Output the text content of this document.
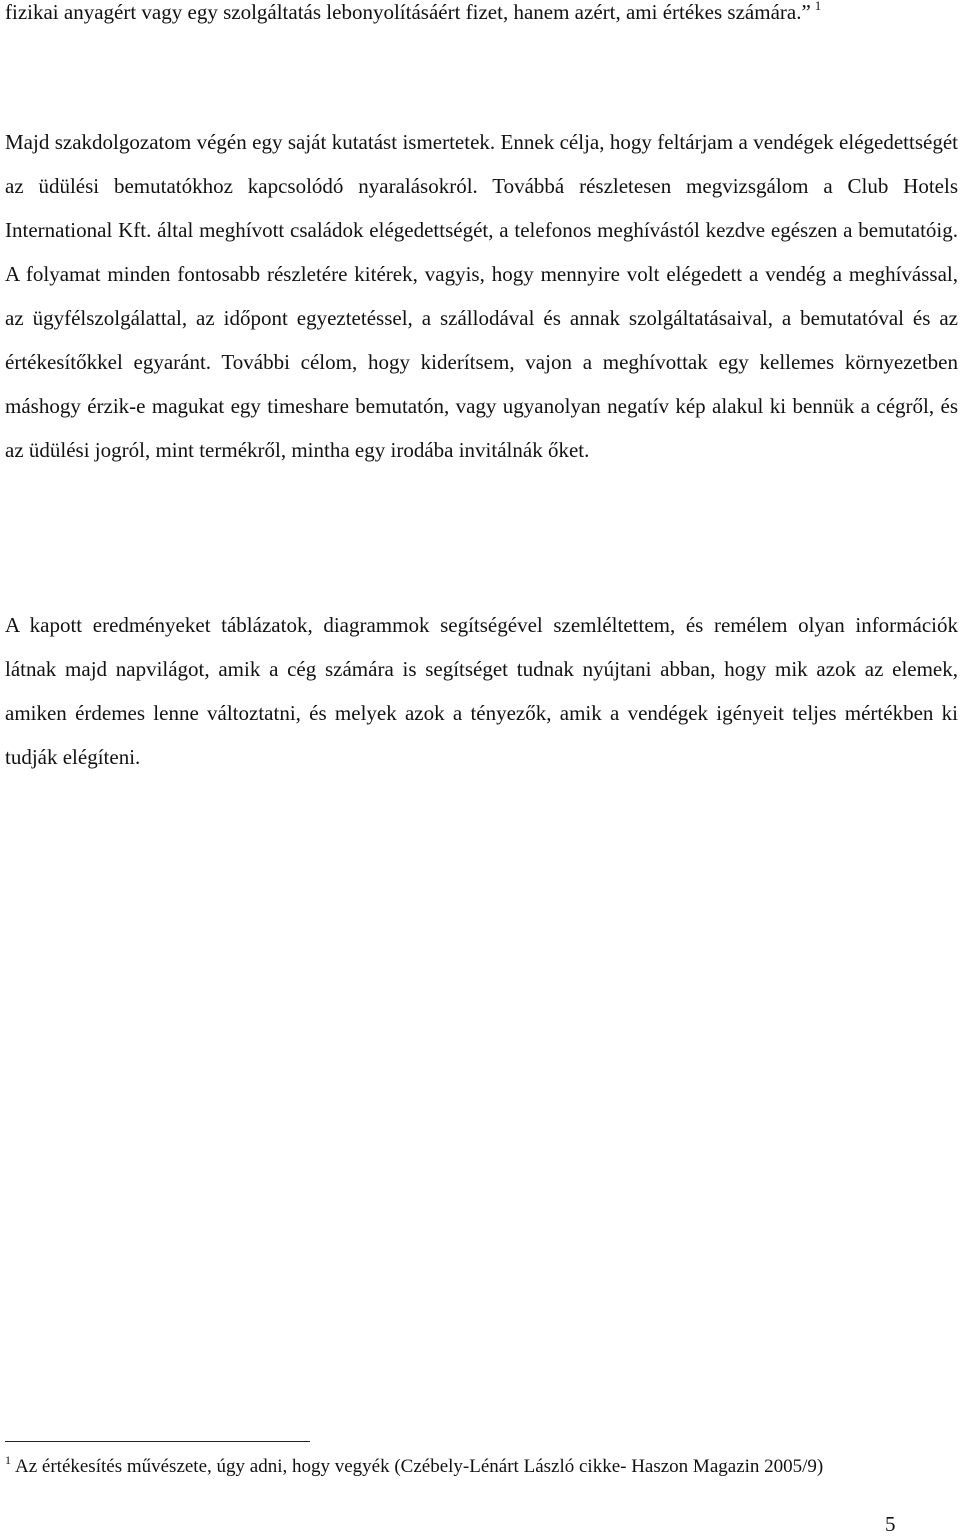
fizikai anyagért vagy egy szolgáltatás lebonyolításáért fizet, hanem azért, ami értékes számára.” $^1$

Majd szakdolgozatom végén egy saját kutatást ismertetek. Ennek célja, hogy feltárjam a vendégek elégedettségét az üdülési bemutatókhoz kapcsolódó nyaralásokról. Továbbá részletesen megvizsgálom a Club Hotels International Kft. által meghívott családok elégedettségét, a telefonos meghívástól kezdve egészen a bemutatóig. A folyamat minden fontosabb részletére kitérek, vagyis, hogy mennyire volt elégedett a vendég a meghívással, az ügyfélszolgálattal, az időpont egyeztetéssel, a szállodával és annak szolgáltatásaival, a bemutatóval és az értékesítőkkel egyaránt. További célom, hogy kiderítsem, vajon a meghívottak egy kellemes környezetben máshogy érzik-e magukat egy timeshare bemutatón, vagy ugyanolyan negatív kép alakul ki bennük a cégről, és az üdülési jogról, mint termékről, mintha egy irodába invitálnák őket.

A kapott eredményeket táblázatok, diagrammok segítségével szemléltettem, és remélem olyan információk látnak majd napvilágot, amik a cég számára is segítséget tudnak nyújtani abban, hogy mik azok az elemek, amiken érdemes lenne változtatni, és melyek azok a tényezők, amik a vendégek igényeit teljes mértékben ki tudják elégíteni.

$^1$ Az értékesítés művészete, úgy adni, hogy vegyék (Czébely-Lénárt László cikke- Haszon Magazin 2005/9)
5
